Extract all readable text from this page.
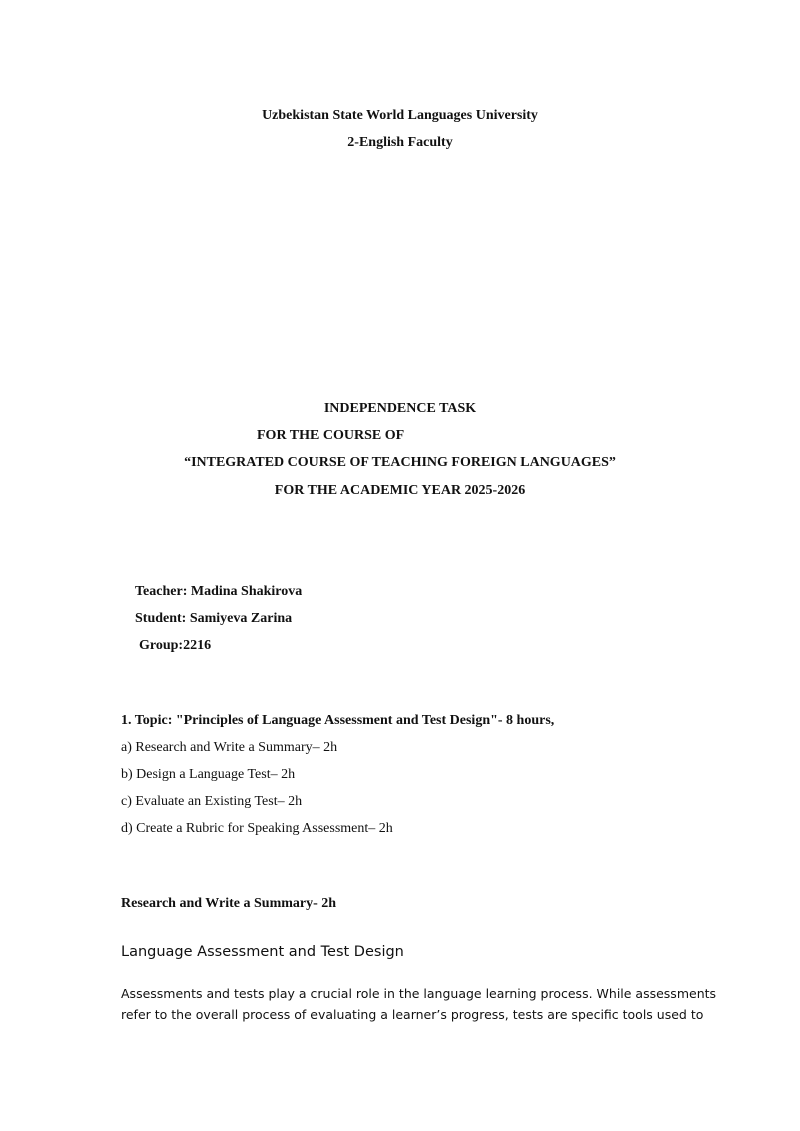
Uzbekistan State World Languages University
2-English Faculty
INDEPENDENCE TASK
FOR THE COURSE OF
“INTEGRATED COURSE OF TEACHING FOREIGN LANGUAGES”
FOR THE ACADEMIC YEAR 2025-2026
Teacher: Madina Shakirova
Student: Samiyeva Zarina
Group:2216
1. Topic: "Principles of Language Assessment and Test Design"- 8 hours,
a) Research and Write a Summary– 2h
b) Design a Language Test– 2h
c) Evaluate an Existing Test– 2h
d) Create a Rubric for Speaking Assessment– 2h
Research and Write a Summary- 2h
Language Assessment and Test Design
Assessments and tests play a crucial role in the language learning process. While assessments
refer to the overall process of evaluating a learner’s progress, tests are specific tools used to
